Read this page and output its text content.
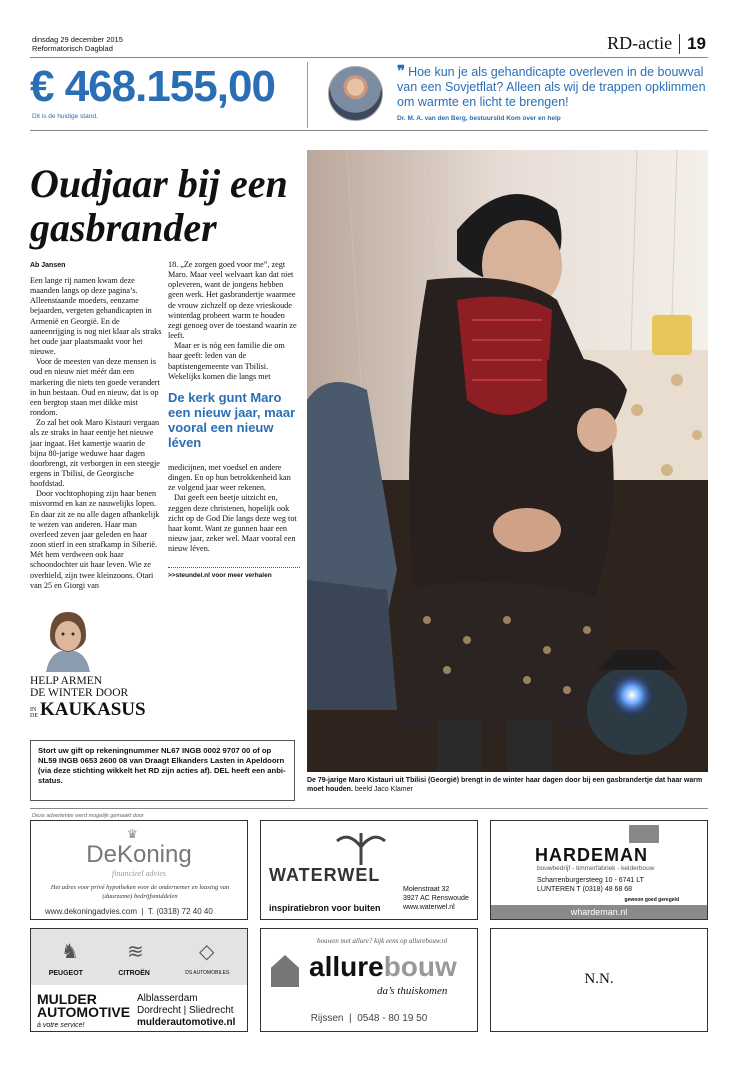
dinsdag 29 december 2015
Reformatorisch Dagblad	RD-actie 19
€ 468.155,00
Dit is de huidige stand.
❞ Hoe kun je als gehandicapte overleven in de bouwval van een Sovjetflat? Alleen als wij de trappen opklimmen om warmte en licht te brengen!
Dr. M. A. van den Berg, bestuurslid Kom over en help
Oudjaar bij een
gasbrander
Ab Jansen

Een lange rij namen kwam deze maanden langs op deze pagina’s. Alleenstaande moeders, eenzame bejaarden, vergeten gehandicapten in Armenië en Georgië. En de aaneenrijging is nog niet klaar als straks het oude jaar plaatsmaakt voor het nieuwe.

Voor de meesten van deze mensen is oud en nieuw niet méér dan een markering die niets ten goede verandert in hun bestaan. Oud en nieuw, dat is op een bergtop staan met dikke mist rondom.

Zo zal het ook Maro Kistauri vergaan als ze straks in haar eentje het nieuwe jaar ingaat. Het kamertje waarin de bijna 80-jarige weduwe haar dagen doorbrengt, zit verborgen in een steegje ergens in Tbilisi, de Georgische hoofdstad.

Door vochtophoping zijn haar benen misvormd en kan ze nauwelijks lopen. En daar zit ze nu alle dagen afhankelijk te wezen van anderen. Haar man overleed zeven jaar geleden en haar zoon stierf in een strafkamp in Siberië. Mét hem verdween ook haar schoondochter uit haar leven. Wie ze overhield, zijn twee kleinzoons. Otari van 25 en Giorgi van

18. „Ze zorgen goed voor me”, zegt Maro. Maar veel welvaart kan dat niet opleveren, want de jongens hebben geen werk. Het gasbrandertje waarmee de vrouw zichzelf op deze vrieskoude winterdag probeert warm te houden zegt genoeg over de toestand waarin ze leeft.

Maar er is nóg een familie die om haar geeft: leden van de baptistengemeente van Tbilisi. Wekelijks komen die langs met

De kerk gunt Maro een nieuw jaar, maar vooral een nieuw léven

medicijnen, met voedsel en andere dingen. En op hun betrokkenheid kan ze volgend jaar weer rekenen.

Dat geeft een beetje uitzicht en, zeggen deze christenen, hopelijk ook zicht op de God Die langs deze weg tot haar komt. Want ze gunnen haar een nieuw jaar, zeker wel. Maar vooral een nieuw léven.

>>steundel.nl voor meer verhalen
De 79-jarige Maro Kistauri uit Tbilisi (Georgië) brengt in de winter haar dagen door bij een gasbrandertje dat haar warm moet houden. beeld Jaco Klamer
HELP ARMEN
DE WINTER DOOR
IN
DE KAUKASUS
Stort uw gift op rekeningnummer NL67 INGB 0002 9707 00 of op NL59 INGB 0653 2600 08 van Draagt Elkanders Lasten in Apeldoorn (via deze stichting wikkelt het RD zijn acties af). DEL heeft een anbi-status.
Deze advertentie werd mogelijk gemaakt door
♛
DeKoning
financieel advies
Het adres voor privé hypotheken voor de ondernemer en leasing van (duurzame) bedrijfsmiddelen
www.dekoningadvies.com  |  T. (0318) 72 40 40
WATERWEL
inspiratiebron voor buiten
Molenstraat 32
3927 AC Renswoude
www.waterwel.nl
HARDEMAN
bouwbedrijf - timmerfabriek - kelderbouw
Scharrenburgersteeg 10 - 6741 LT
LUNTEREN T (0318) 48 68 68
gewoon goed geregeld
whardeman.nl
♞ ≋	◇
PEUGEOT	CITROËN	DS AUTOMOBILES
MULDER
AUTOMOTIVE
à votre service!
Alblasserdam
Dordrecht | Sliedrecht
mulderautomotive.nl
bouwen met allure? kijk eens op allurebouw.nl
allurebouw
da’s thuiskomen
Rijssen  |  0548 - 80 19 50
N.N.
